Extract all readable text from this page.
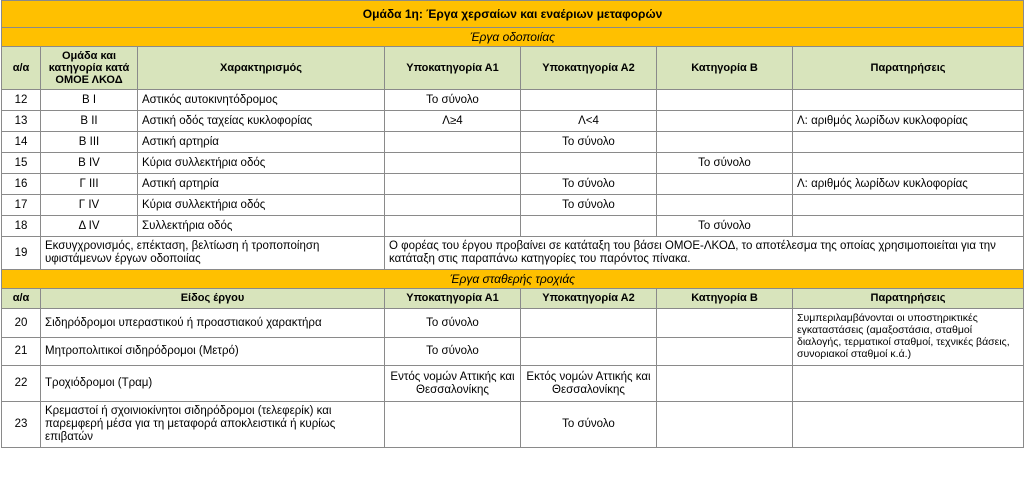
Ομάδα 1η: Έργα χερσαίων και εναέριων μεταφορών						
Έργα οδοποιίας						
α/α	Ομάδα και κατηγορία κατά ΟΜΟΕ ΛΚΟΔ	Χαρακτηρισμός	Υποκατηγορία Α1	Υποκατηγορία Α2	Κατηγορία Β	Παρατηρήσεις
12	Β Ι	Αστικός αυτοκινητόδρομος	Το σύνολο			
13	Β ΙΙ	Αστική οδός ταχείας κυκλοφορίας	Λ≥4	Λ<4		Λ: αριθμός λωρίδων κυκλοφορίας
14	Β ΙΙΙ	Αστική αρτηρία		Το σύνολο		
15	Β ΙV	Κύρια συλλεκτήρια οδός			Το σύνολο	
16	Γ ΙΙΙ	Αστική αρτηρία		Το σύνολο		Λ: αριθμός λωρίδων κυκλοφορίας
17	Γ ΙV	Κύρια συλλεκτήρια οδός		Το σύνολο		
18	Δ ΙV	Συλλεκτήρια οδός			Το σύνολο	
19	Εκσυγχρονισμός, επέκταση, βελτίωση ή τροποποίηση υφιστάμενων έργων οδοποιίας		Ο φορέας του έργου προβαίνει σε κατάταξη του βάσει ΟΜΟΕ-ΛΚΟΔ, το αποτέλεσμα της οποίας χρησιμοποιείται για την κατάταξη στις παραπάνω κατηγορίες του παρόντος πίνακα.			
Έργα σταθερής τροχιάς						
α/α	Είδος έργου		Υποκατηγορία Α1	Υποκατηγορία Α2	Κατηγορία Β	Παρατηρήσεις
20	Σιδηρόδρομοι υπεραστικού ή προαστιακού χαρακτήρα		Το σύνολο			Συμπεριλαμβάνονται οι υποστηρικτικές εγκαταστάσεις (αμαξοστάσια, σταθμοί διαλογής, τερματικοί σταθμοί, τεχνικές βάσεις, συνοριακοί σταθμοί κ.ά.)
21	Μητροπολιτικοί σιδηρόδρομοι (Μετρό)		Το σύνολο			
22	Τροχιόδρομοι (Τραμ)		Εντός νομών Αττικής και Θεσσαλονίκης	Εκτός νομών Αττικής και Θεσσαλονίκης		
23	Κρεμαστοί ή σχοινιοκίνητοι σιδηρόδρομοι (τελεφερίκ) και παρεμφερή μέσα για τη μεταφορά αποκλειστικά ή κυρίως επιβατών			Το σύνολο		
